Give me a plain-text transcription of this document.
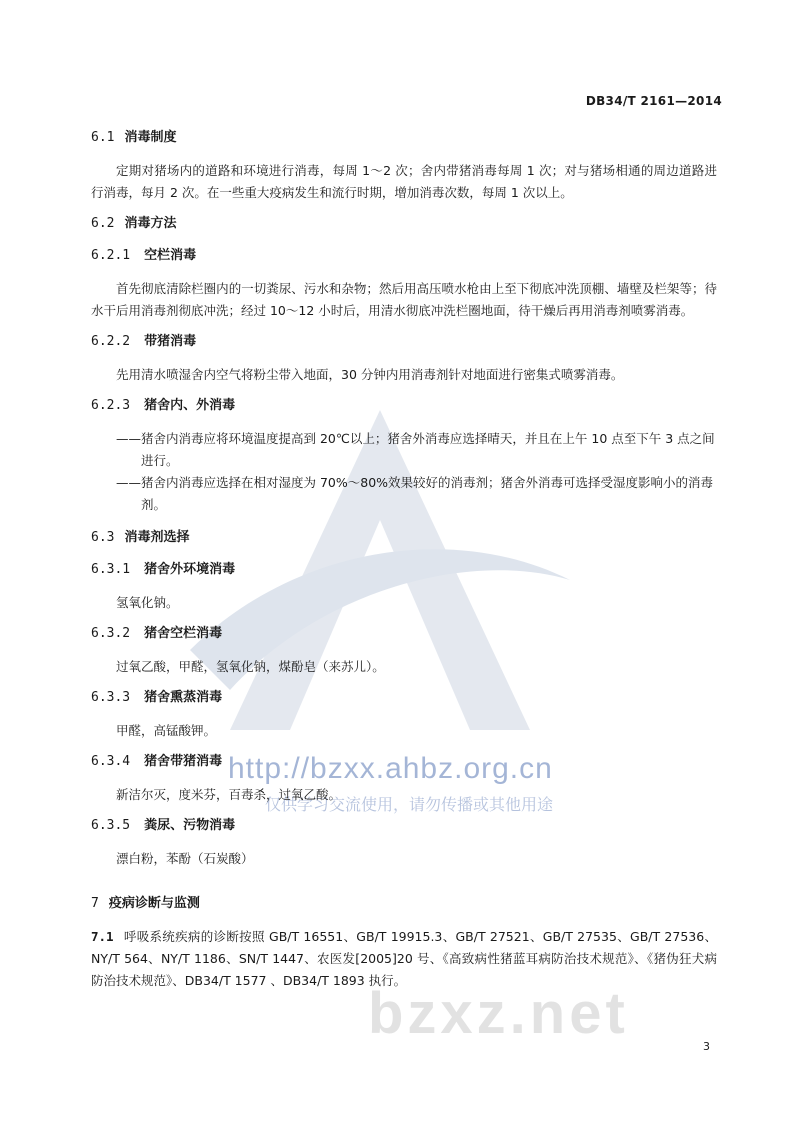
DB34/T 2161—2014
http://bzxx.ahbz.org.cn
仅供学习交流使用，请勿传播或其他用途
bzxz.net
6.1 消毒制度
定期对猪场内的道路和环境进行消毒，每周 1～2 次；舍内带猪消毒每周 1 次；对与猪场相通的周边道路进行消毒，每月 2 次。在一些重大疫病发生和流行时期，增加消毒次数，每周 1 次以上。
6.2 消毒方法
6.2.1 空栏消毒
首先彻底清除栏圈内的一切粪尿、污水和杂物；然后用高压喷水枪由上至下彻底冲洗顶棚、墙壁及栏架等；待水干后用消毒剂彻底冲洗；经过 10～12 小时后，用清水彻底冲洗栏圈地面，待干燥后再用消毒剂喷雾消毒。
6.2.2 带猪消毒
先用清水喷湿舍内空气将粉尘带入地面，30 分钟内用消毒剂针对地面进行密集式喷雾消毒。
6.2.3 猪舍内、外消毒
——猪舍内消毒应将环境温度提高到 20℃以上；猪舍外消毒应选择晴天，并且在上午 10 点至下午 3 点之间进行。
——猪舍内消毒应选择在相对湿度为 70%～80%效果较好的消毒剂；猪舍外消毒可选择受湿度影响小的消毒剂。
6.3 消毒剂选择
6.3.1 猪舍外环境消毒
氢氧化钠。
6.3.2 猪舍空栏消毒
过氧乙酸，甲醛，氢氧化钠，煤酚皂（来苏儿）。
6.3.3 猪舍熏蒸消毒
甲醛，高锰酸钾。
6.3.4 猪舍带猪消毒
新洁尔灭，度米芬，百毒杀，过氧乙酸。
6.3.5 粪尿、污物消毒
漂白粉，苯酚（石炭酸）
7 疫病诊断与监测
7.1 呼吸系统疾病的诊断按照 GB/T 16551、GB/T 19915.3、GB/T 27521、GB/T 27535、GB/T 27536、NY/T 564、NY/T 1186、SN/T 1447、农医发[2005]20 号、《高致病性猪蓝耳病防治技术规范》、《猪伪狂犬病防治技术规范》、DB34/T 1577 、DB34/T 1893 执行。
3
